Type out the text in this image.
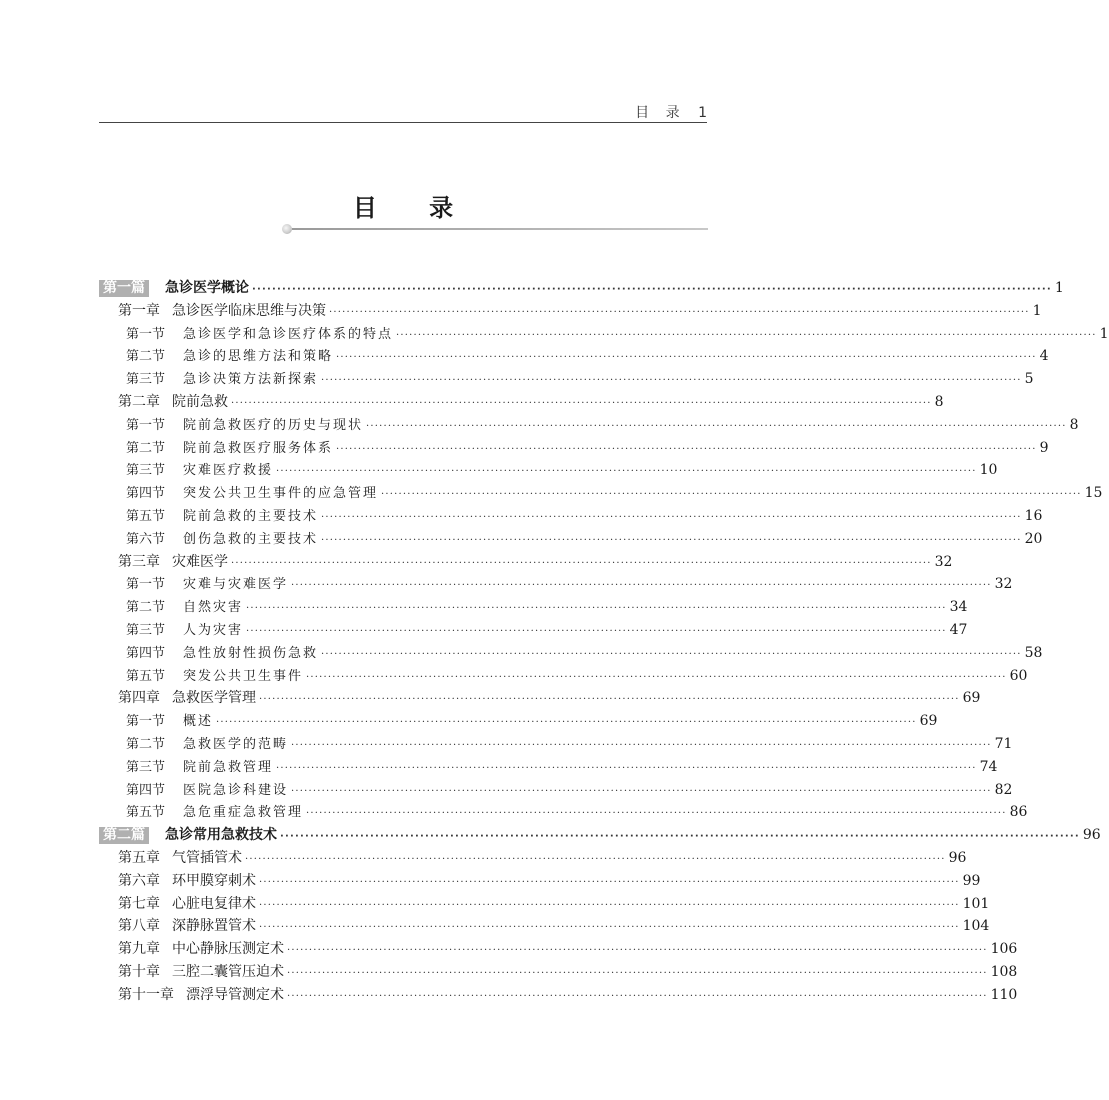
目 录 1
目 录
第一篇 急诊医学概论 ································································································································································ 1
第一章 急诊医学临床思维与决策 ································································································································································ 1
第一节 急诊医学和急诊医疗体系的特点 ································································································································································ 1
第二节 急诊的思维方法和策略 ································································································································································ 4
第三节 急诊决策方法新探索 ································································································································································ 5
第二章 院前急救 ································································································································································ 8
第一节 院前急救医疗的历史与现状 ································································································································································ 8
第二节 院前急救医疗服务体系 ································································································································································ 9
第三节 灾难医疗救援 ································································································································································ 10
第四节 突发公共卫生事件的应急管理 ································································································································································ 15
第五节 院前急救的主要技术 ································································································································································ 16
第六节 创伤急救的主要技术 ································································································································································ 20
第三章 灾难医学 ································································································································································ 32
第一节 灾难与灾难医学 ································································································································································ 32
第二节 自然灾害 ································································································································································ 34
第三节 人为灾害 ································································································································································ 47
第四节 急性放射性损伤急救 ································································································································································ 58
第五节 突发公共卫生事件 ································································································································································ 60
第四章 急救医学管理 ································································································································································ 69
第一节 概述 ································································································································································ 69
第二节 急救医学的范畴 ································································································································································ 71
第三节 院前急救管理 ································································································································································ 74
第四节 医院急诊科建设 ································································································································································ 82
第五节 急危重症急救管理 ································································································································································ 86
第二篇 急诊常用急救技术 ································································································································································ 96
第五章 气管插管术 ································································································································································ 96
第六章 环甲膜穿刺术 ································································································································································ 99
第七章 心脏电复律术 ································································································································································ 101
第八章 深静脉置管术 ································································································································································ 104
第九章 中心静脉压测定术 ································································································································································ 106
第十章 三腔二囊管压迫术 ································································································································································ 108
第十一章 漂浮导管测定术 ································································································································································ 110
